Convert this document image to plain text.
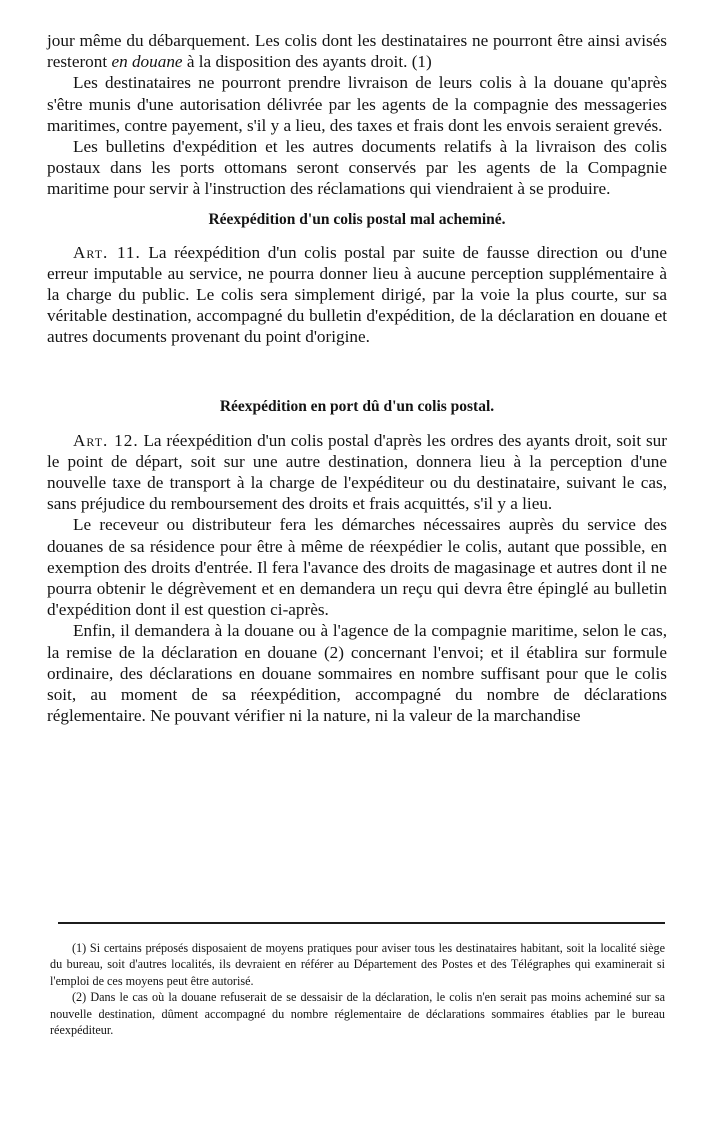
jour même du débarquement. Les colis dont les destinataires ne pourront être ainsi avisés resteront en douane à la disposition des ayants droit. (1)

Les destinataires ne pourront prendre livraison de leurs colis à la douane qu'après s'être munis d'une autorisation délivrée par les agents de la compagnie des messageries maritimes, contre payement, s'il y a lieu, des taxes et frais dont les envois seraient grevés.

Les bulletins d'expédition et les autres documents relatifs à la livraison des colis postaux dans les ports ottomans seront conservés par les agents de la Compagnie maritime pour servir à l'instruction des réclamations qui viendraient à se produire.

Réexpédition d'un colis postal mal acheminé.

Art. 11. La réexpédition d'un colis postal par suite de fausse direction ou d'une erreur imputable au service, ne pourra donner lieu à aucune perception supplémentaire à la charge du public. Le colis sera simplement dirigé, par la voie la plus courte, sur sa véritable destination, accompagné du bulletin d'expédition, de la déclaration en douane et autres documents provenant du point d'origine.

Réexpédition en port dû d'un colis postal.

Art. 12. La réexpédition d'un colis postal d'après les ordres des ayants droit, soit sur le point de départ, soit sur une autre destination, donnera lieu à la perception d'une nouvelle taxe de transport à la charge de l'expéditeur ou du destinataire, suivant le cas, sans préjudice du remboursement des droits et frais acquittés, s'il y a lieu.

Le receveur ou distributeur fera les démarches nécessaires auprès du service des douanes de sa résidence pour être à même de réexpédier le colis, autant que possible, en exemption des droits d'entrée. Il fera l'avance des droits de magasinage et autres dont il ne pourra obtenir le dégrèvement et en demandera un reçu qui devra être épinglé au bulletin d'expédition dont il est question ci-après.

Enfin, il demandera à la douane ou à l'agence de la compagnie maritime, selon le cas, la remise de la déclaration en douane (2) concernant l'envoi; et il établira sur formule ordinaire, des déclarations en douane sommaires en nombre suffisant pour que le colis soit, au moment de sa réexpédition, accompagné du nombre de déclarations réglementaire. Ne pouvant vérifier ni la nature, ni la valeur de la marchandise

(1) Si certains préposés disposaient de moyens pratiques pour aviser tous les destinataires habitant, soit la localité siège du bureau, soit d'autres localités, ils devraient en référer au Département des Postes et des Télégraphes qui examinerait si l'emploi de ces moyens peut être autorisé.

(2) Dans le cas où la douane refuserait de se dessaisir de la déclaration, le colis n'en serait pas moins acheminé sur sa nouvelle destination, dûment accompagné du nombre réglementaire de déclarations sommaires établies par le bureau réexpéditeur.
